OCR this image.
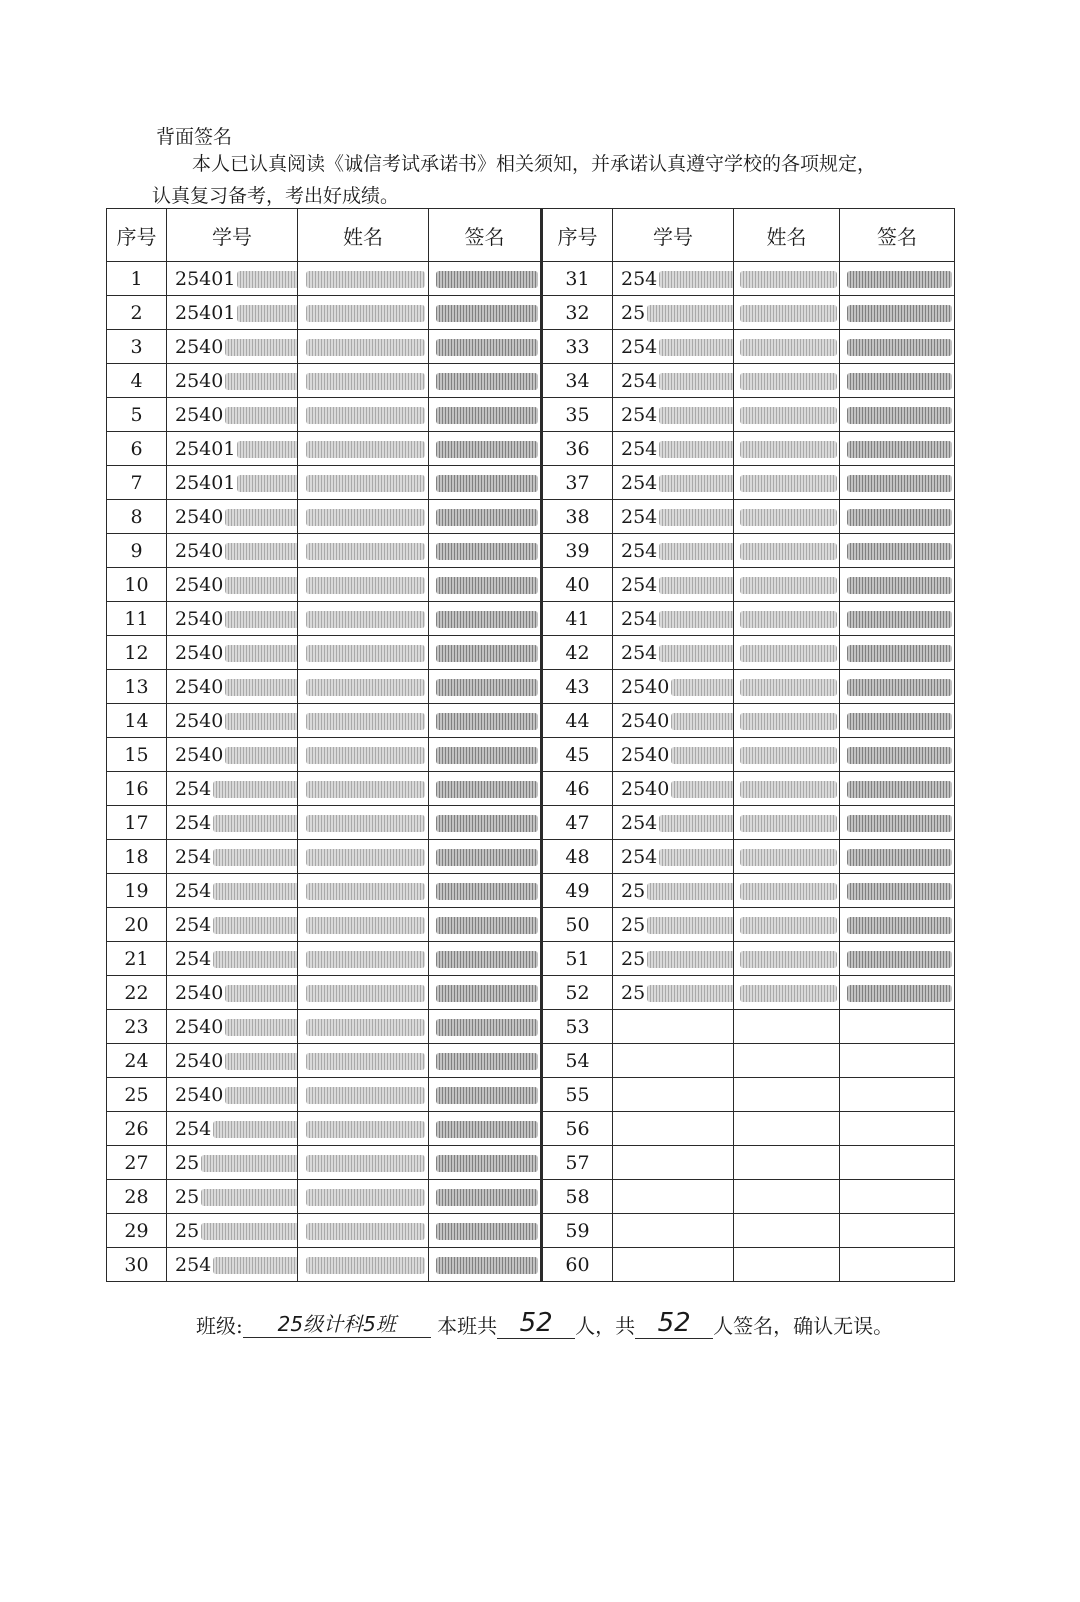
背面签名
本人已认真阅读《诚信考试承诺书》相关须知，并承诺认真遵守学校的各项规定，
认真复习备考，考出好成绩。
序号	学号	姓名	签名	序号	学号	姓名	签名
1	25401			31	254		
2	25401			32	25		
3	2540			33	254		
4	2540			34	254		
5	2540			35	254		
6	25401			36	254		
7	25401			37	254		
8	2540			38	254		
9	2540			39	254		
10	2540			40	254		
11	2540			41	254		
12	2540			42	254		
13	2540			43	2540		
14	2540			44	2540		
15	2540			45	2540		
16	254			46	2540		
17	254			47	254		
18	254			48	254		
19	254			49	25		
20	254			50	25		
21	254			51	25		
22	2540			52	25		
23	2540			53			
24	2540			54			
25	2540			55			
26	254			56			
27	25			57			
28	25			58			
29	25			59			
30	254			60			
班级: 25级计科5班 本班共 52 人，共 52 人签名，确认无误。
